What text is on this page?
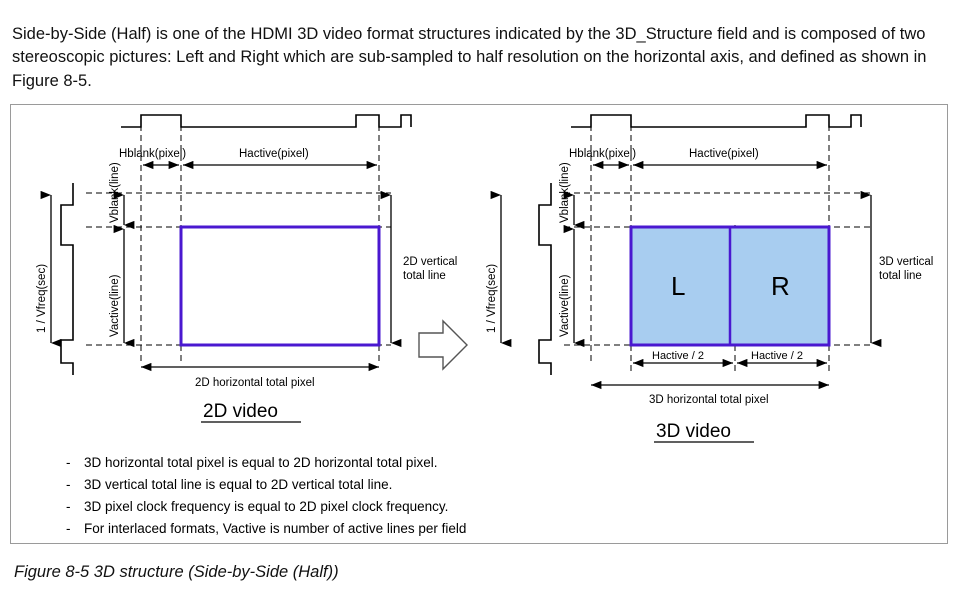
Side-by-Side (Half) is one of the HDMI 3D video format structures indicated by the 3D_Structure field and is composed of two stereoscopic pictures: Left and Right which are sub-sampled to half resolution on the horizontal axis, and defined as shown in Figure 8-5.

Hblank(pixel)	Hactive(pixel)
Vblank(line)
Vactive(line)
1 / Vfreq(sec)
2D vertical
total line
2D horizontal total pixel
2D video
Hblank(pixel)	Hactive(pixel)
Vblank(line)
Vactive(line)
1 / Vfreq(sec)	L	R
3D vertical
total line
Hactive / 2	Hactive / 2
3D horizontal total pixel
3D video
- 3D horizontal total pixel is equal to 2D horizontal total pixel.
- 3D vertical total line is equal to 2D vertical total line.
- 3D pixel clock frequency is equal to 2D pixel clock frequency.
- For interlaced formats, Vactive is number of active lines per field
Figure 8-5 3D structure (Side-by-Side (Half))
